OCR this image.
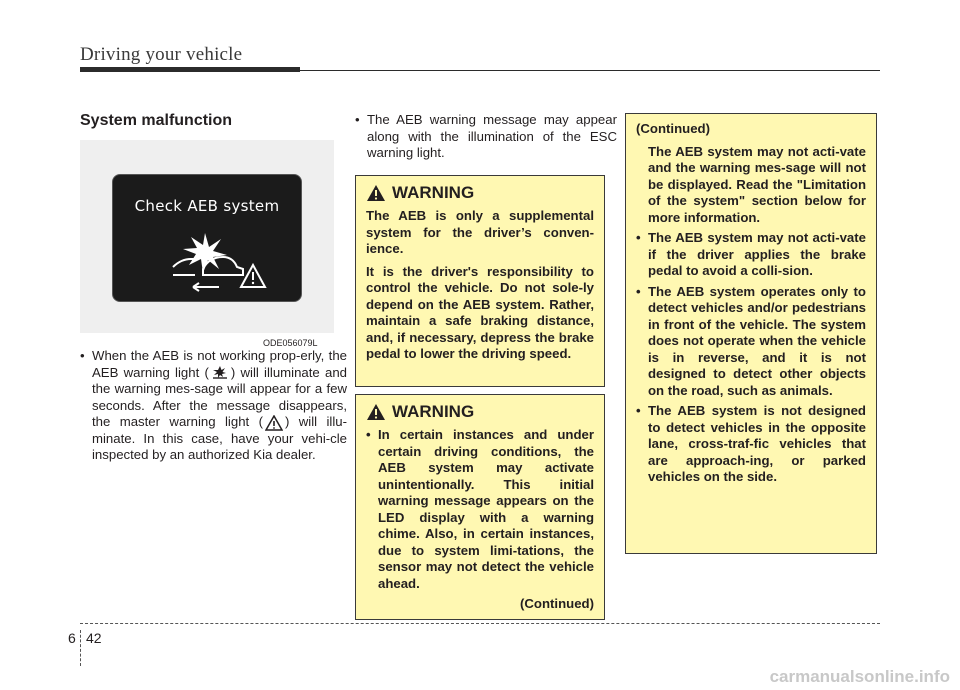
Driving your vehicle
System malfunction
Check AEB system
ODE056079L
• When the AEB is not working prop-erly, the AEB warning light ( ) will illuminate and the warning mes-sage will appear for a few seconds. After the message disappears, the master warning light ( ) will illu-minate. In this case, have your vehi-cle inspected by an authorized Kia dealer.
• The AEB warning message may appear along with the illumination of the ESC warning light.
WARNING

The AEB is only a supplemental system for the driver’s conven-ience.

It is the driver's responsibility to control the vehicle. Do not sole-ly depend on the AEB system. Rather, maintain a safe braking distance, and, if necessary, depress the brake pedal to lower the driving speed.

WARNING

• In certain instances and under certain driving conditions, the AEB system may activate unintentionally. This initial warning message appears on the LED display with a warning chime. Also, in certain instances, due to system limi-tations, the sensor may not detect the vehicle ahead.

(Continued)

(Continued)

The AEB system may not acti-vate and the warning mes-sage will not be displayed. Read the "Limitation of the system" section below for more information.

• The AEB system may not acti-vate if the driver applies the brake pedal to avoid a colli-sion.

• The AEB system operates only to detect vehicles and/or pedestrians in front of the vehicle. The system does not operate when the vehicle is in reverse, and it is not designed to detect other objects on the road, such as animals.

• The AEB system is not designed to detect vehicles in the opposite lane, cross-traf-fic vehicles that are approach-ing, or parked vehicles on the side.

6 42
carmanualsonline.info
